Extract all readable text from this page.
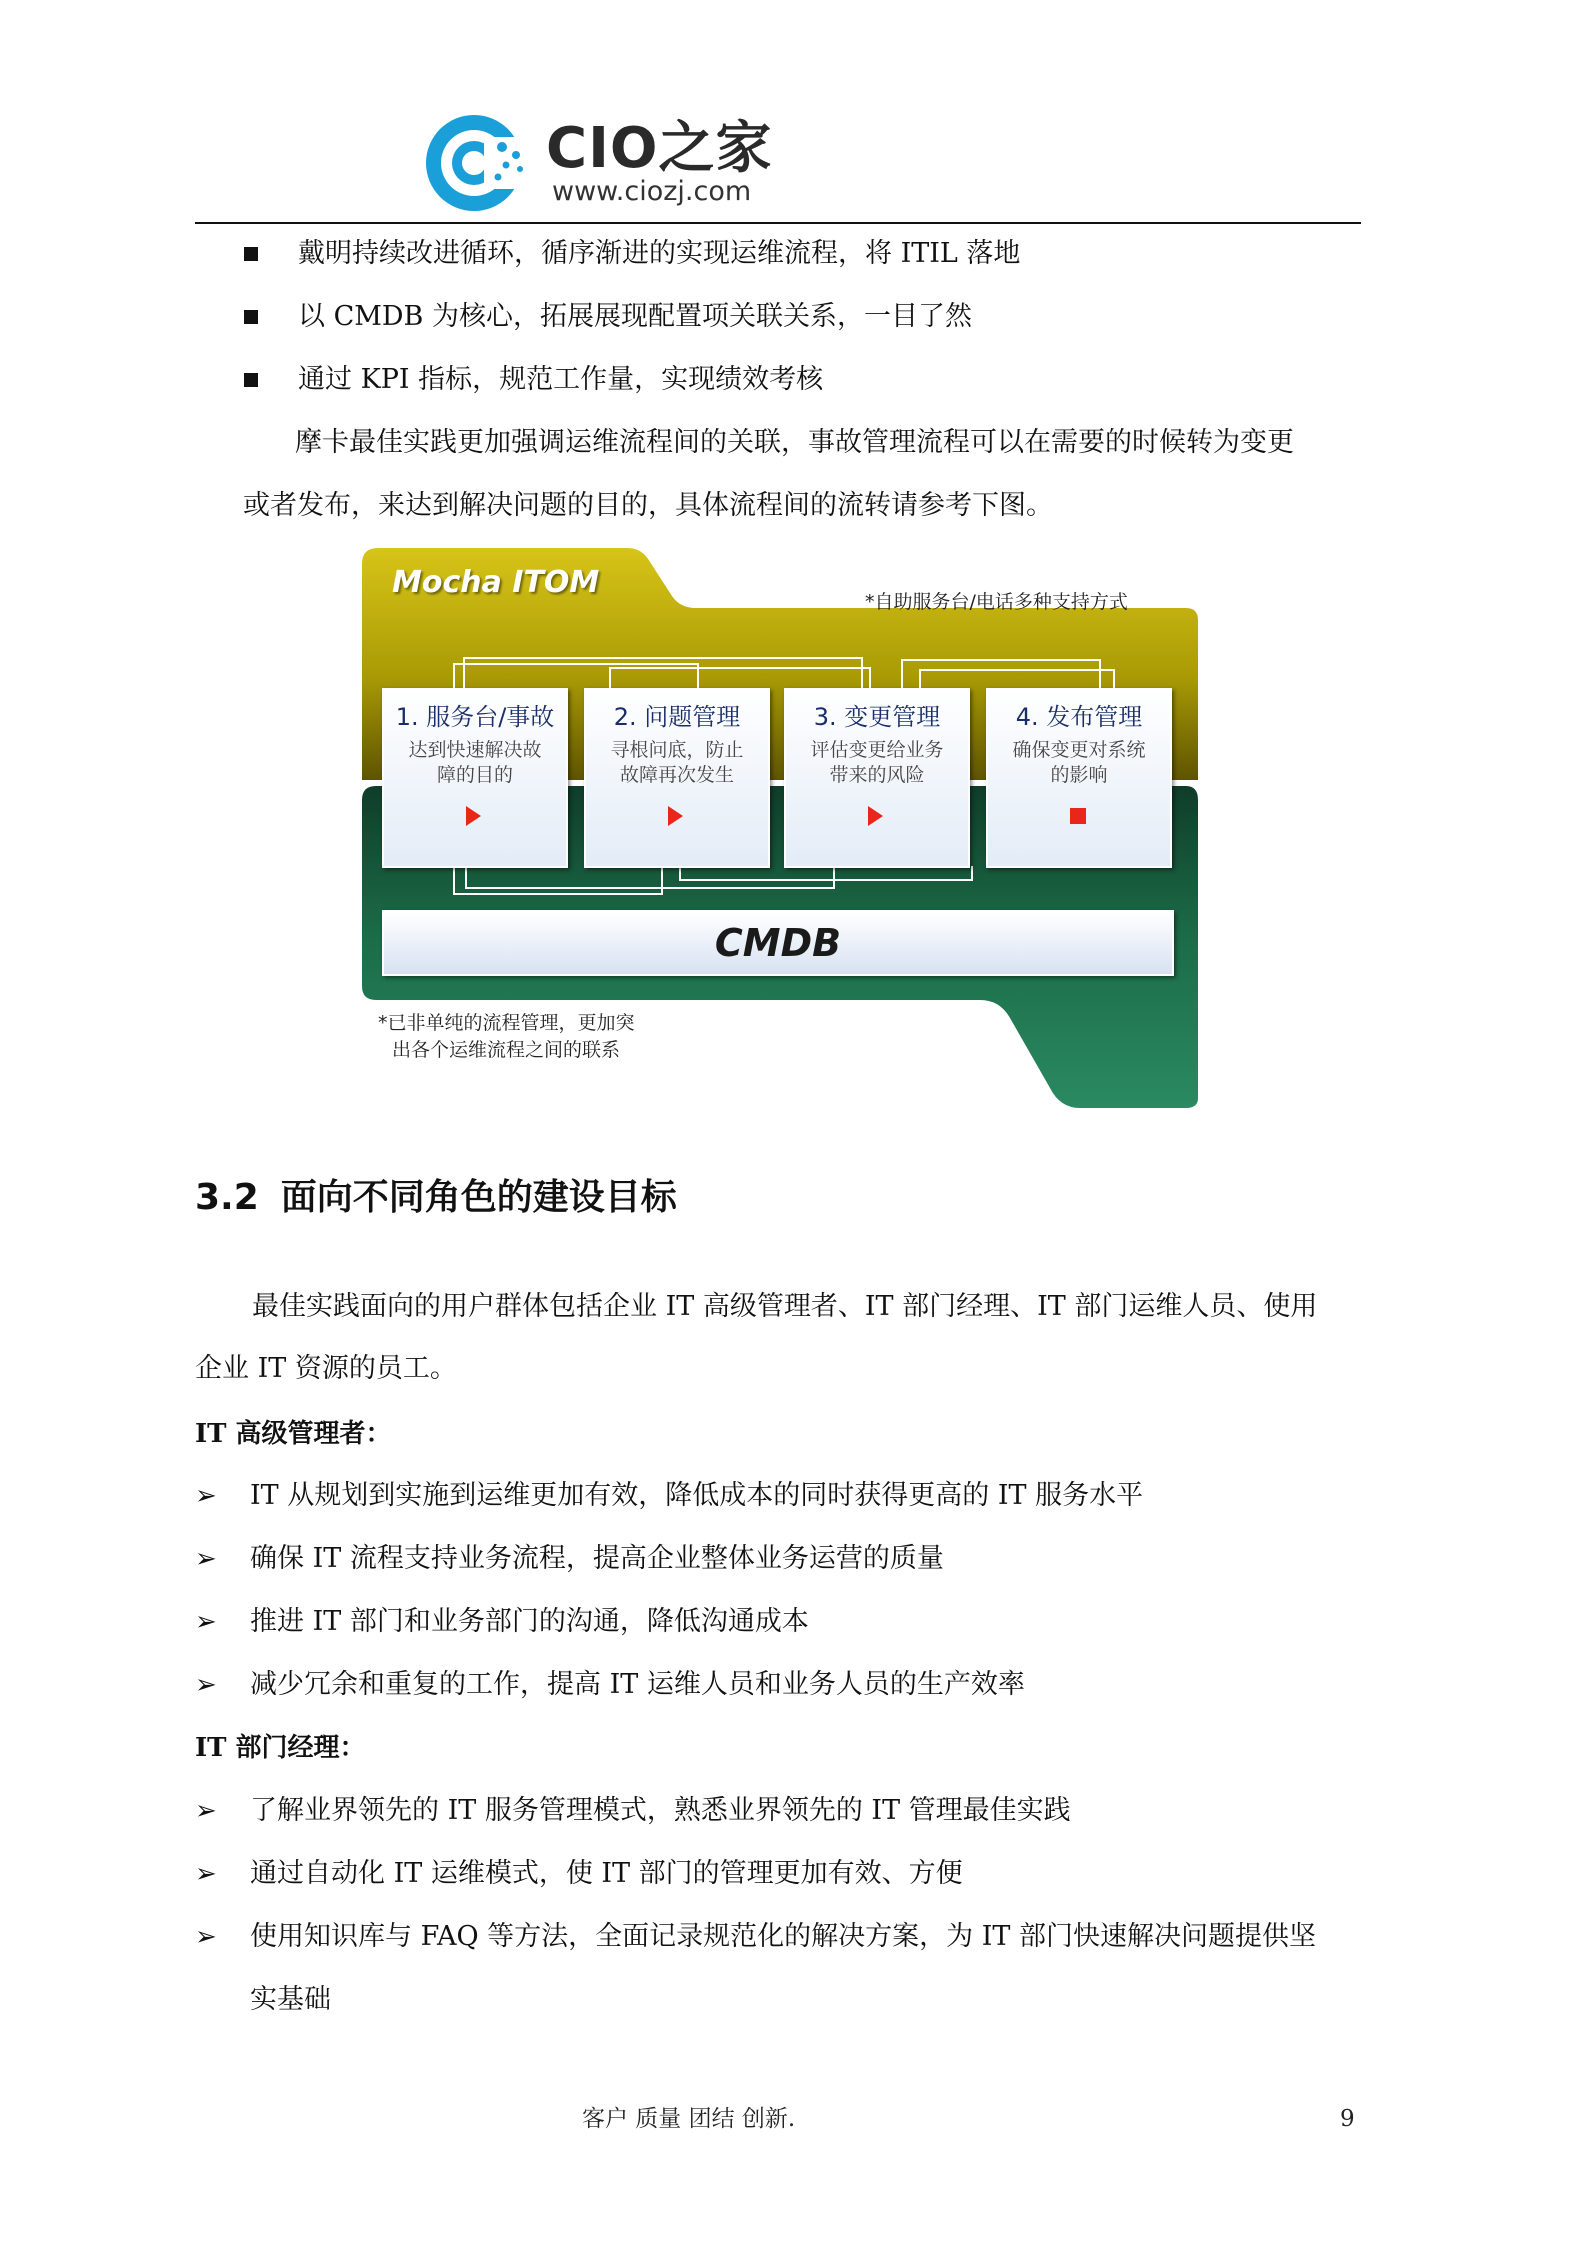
CIO之家
www.ciozj.com
戴明持续改进循环，循序渐进的实现运维流程，将 ITIL 落地
以 CMDB 为核心，拓展展现配置项关联关系，一目了然
通过 KPI 指标，规范工作量，实现绩效考核
摩卡最佳实践更加强调运维流程间的关联，事故管理流程可以在需要的时候转为变更
或者发布，来达到解决问题的目的，具体流程间的流转请参考下图。
Mocha ITOM
*自助服务台/电话多种支持方式
1. 服务台/事故
达到快速解决故
障的目的
2. 问题管理
寻根问底，防止
故障再次发生
3. 变更管理
评估变更给业务
带来的风险
4. 发布管理
确保变更对系统
的影响
CMDB
*已非单纯的流程管理，更加突
出各个运维流程之间的联系
3.2 面向不同角色的建设目标
最佳实践面向的用户群体包括企业 IT 高级管理者、IT 部门经理、IT 部门运维人员、使用
企业 IT 资源的员工。
IT 高级管理者：
➢ IT 从规划到实施到运维更加有效，降低成本的同时获得更高的 IT 服务水平
➢ 确保 IT 流程支持业务流程，提高企业整体业务运营的质量
➢ 推进 IT 部门和业务部门的沟通，降低沟通成本
➢ 减少冗余和重复的工作，提高 IT 运维人员和业务人员的生产效率
IT 部门经理：
➢ 了解业界领先的 IT 服务管理模式，熟悉业界领先的 IT 管理最佳实践
➢ 通过自动化 IT 运维模式，使 IT 部门的管理更加有效、方便
➢ 使用知识库与 FAQ 等方法，全面记录规范化的解决方案，为 IT 部门快速解决问题提供坚
实基础
客户 质量 团结 创新.	9
